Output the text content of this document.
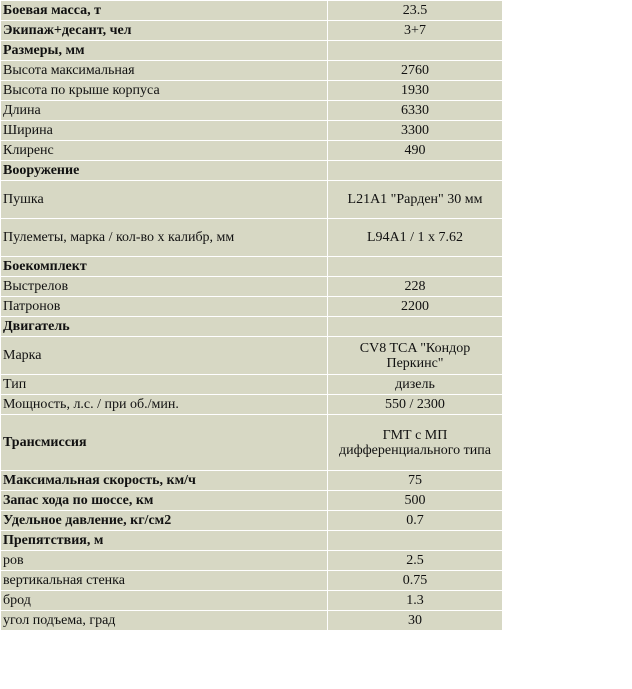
Боевая масса, т	23.5
Экипаж+десант, чел	3+7
Размеры, мм	
Высота максимальная	2760
Высота по крыше корпуса	1930
Длина	6330
Ширина	3300
Клиренс	490
Вооружение	
Пушка	L21A1 "Рарден" 30 мм
Пулеметы, марка / кол-во х калибр, мм	L94A1 / 1 х 7.62
Боекомплект	
Выстрелов	228
Патронов	2200
Двигатель	
Марка	CV8 TCA "Кондор Перкинс"
Тип	дизель
Мощность, л.с. / при об./мин.	550 / 2300
Трансмиссия	ГМТ с МП дифференциального типа
Максимальная скорость, км/ч	75
Запас хода по шоссе, км	500
Удельное давление, кг/см2	0.7
Препятствия, м	
ров	2.5
вертикальная стенка	0.75
брод	1.3
угол подъема, град	30
